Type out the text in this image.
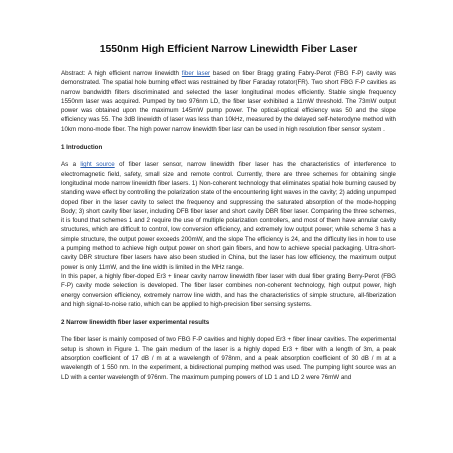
1550nm High Efficient Narrow Linewidth Fiber Laser

Abstract: A high efficient narrow linewidth fiber laser based on fiber Bragg grating Fabry-Perot (FBG F-P) cavity was demonstrated. The spatial hole burning effect was restrained by fiber Faraday rotator(FR). Two short FBG F-P cavities as narrow bandwidth filters discriminated and selected the laser longitudinal modes efficiently. Stable single frequency 1550nm laser was acquired. Pumped by two 976nm LD, the fiber laser exhibited a 11mW threshold. The 73mW output power was obtained upon the maximum 145mW pump power. The optical-optical efficiency was 50 and the slope efficiency was 55. The 3dB linewidth of laser was less than 10kHz, measured by the delayed self-heterodyne method with 10km mono-mode fiber. The high power narrow linewidth fiber lasr can be used in high resolution fiber sensor system .

1 Introduction

As a light source of fiber laser sensor, narrow linewidth fiber laser has the characteristics of interference to electromagnetic field, safety, small size and remote control. Currently, there are three schemes for obtaining single longitudinal mode narrow linewidth fiber lasers. 1) Non-coherent technology that eliminates spatial hole burning caused by standing wave effect by controlling the polarization state of the encountering light waves in the cavity; 2) adding unpumped doped fiber in the laser cavity to select the frequency and suppressing the saturated absorption of the mode-hopping Body; 3) short cavity fiber laser, including DFB fiber laser and short cavity DBR fiber laser. Comparing the three schemes, it is found that schemes 1 and 2 require the use of multiple polarization controllers, and most of them have annular cavity structures, which are difficult to control, low conversion efficiency, and extremely low output power; while scheme 3 has a simple structure, the output power exceeds 200mW, and the slope The efficiency is 24, and the difficulty lies in how to use a pumping method to achieve high output power on short gain fibers, and how to achieve special packaging. Ultra-short-cavity DBR structure fiber lasers have also been studied in China, but the laser has low efficiency, the maximum output power is only 11mW, and the line width is limited in the MHz range.

In this paper, a highly fiber-doped Er3 + linear cavity narrow linewidth fiber laser with dual fiber grating Berry-Perot (FBG F-P) cavity mode selection is developed. The fiber laser combines non-coherent technology, high output power, high energy conversion efficiency, extremely narrow line width, and has the characteristics of simple structure, all-fiberization and high signal-to-noise ratio, which can be applied to high-precision fiber sensing systems.

2 Narrow linewidth fiber laser experimental results

The fiber laser is mainly composed of two FBG F-P cavities and highly doped Er3 + fiber linear cavities. The experimental setup is shown in Figure 1. The gain medium of the laser is a highly doped Er3 + fiber with a length of 3m, a peak absorption coefficient of 17 dB / m at a wavelength of 978nm, and a peak absorption coefficient of 30 dB / m at a wavelength of 1 550 nm. In the experiment, a bidirectional pumping method was used. The pumping light source was an LD with a center wavelength of 976nm. The maximum pumping powers of LD 1 and LD 2 were 76mW and
